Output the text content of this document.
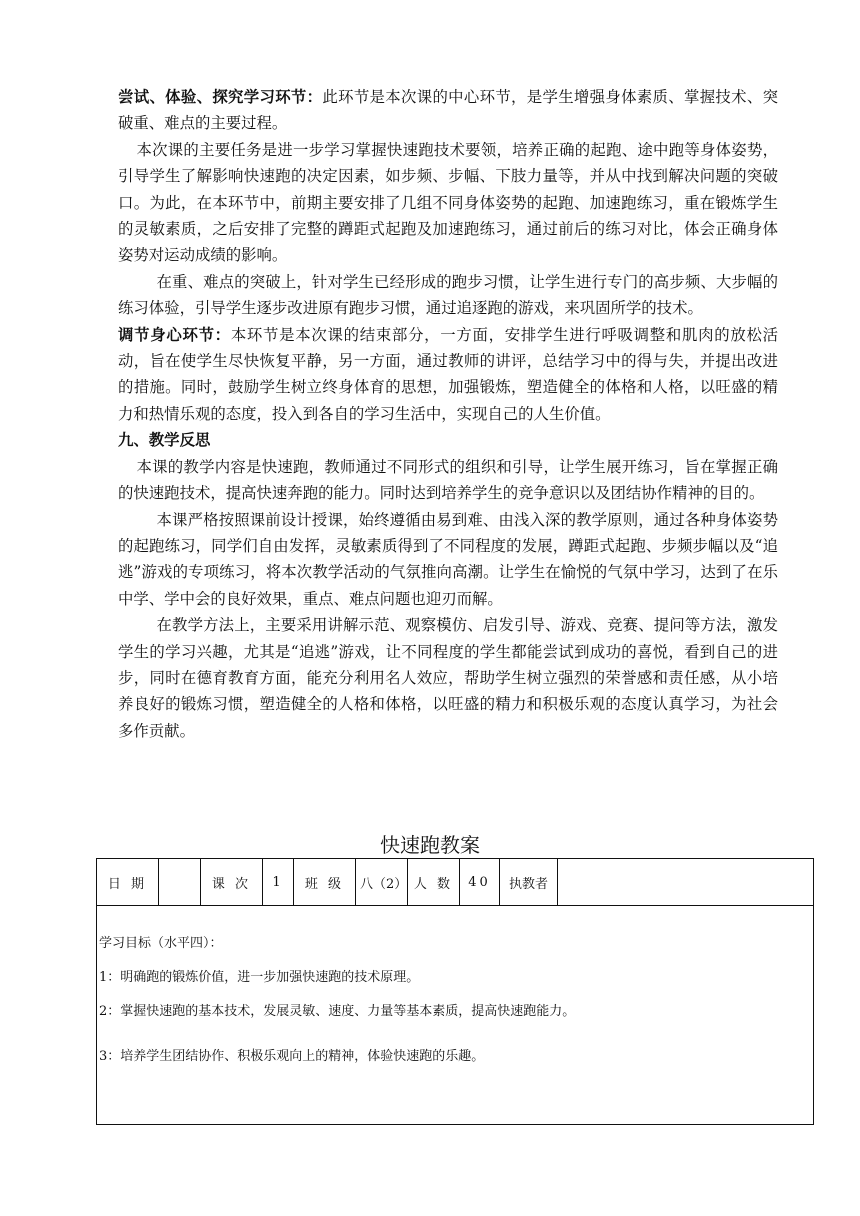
尝试、体验、探究学习环节：此环节是本次课的中心环节，是学生增强身体素质、掌握技术、突破重、难点的主要过程。

本次课的主要任务是进一步学习掌握快速跑技术要领，培养正确的起跑、途中跑等身体姿势，引导学生了解影响快速跑的决定因素，如步频、步幅、下肢力量等，并从中找到解决问题的突破口。为此，在本环节中，前期主要安排了几组不同身体姿势的起跑、加速跑练习，重在锻炼学生的灵敏素质，之后安排了完整的蹲距式起跑及加速跑练习，通过前后的练习对比，体会正确身体姿势对运动成绩的影响。

在重、难点的突破上，针对学生已经形成的跑步习惯，让学生进行专门的高步频、大步幅的练习体验，引导学生逐步改进原有跑步习惯，通过追逐跑的游戏，来巩固所学的技术。

调节身心环节：本环节是本次课的结束部分，一方面，安排学生进行呼吸调整和肌肉的放松活动，旨在使学生尽快恢复平静，另一方面，通过教师的讲评，总结学习中的得与失，并提出改进的措施。同时，鼓励学生树立终身体育的思想，加强锻炼，塑造健全的体格和人格，以旺盛的精力和热情乐观的态度，投入到各自的学习生活中，实现自己的人生价值。

九、教学反思

本课的教学内容是快速跑，教师通过不同形式的组织和引导，让学生展开练习，旨在掌握正确的快速跑技术，提高快速奔跑的能力。同时达到培养学生的竞争意识以及团结协作精神的目的。

本课严格按照课前设计授课，始终遵循由易到难、由浅入深的教学原则，通过各种身体姿势的起跑练习，同学们自由发挥，灵敏素质得到了不同程度的发展，蹲距式起跑、步频步幅以及“追逃”游戏的专项练习，将本次教学活动的气氛推向高潮。让学生在愉悦的气氛中学习，达到了在乐中学、学中会的良好效果，重点、难点问题也迎刃而解。

在教学方法上，主要采用讲解示范、观察模仿、启发引导、游戏、竞赛、提问等方法，激发学生的学习兴趣，尤其是“追逃”游戏，让不同程度的学生都能尝试到成功的喜悦，看到自己的进步，同时在德育教育方面，能充分利用名人效应，帮助学生树立强烈的荣誉感和责任感，从小培养良好的锻炼习惯，塑造健全的人格和体格，以旺盛的精力和积极乐观的态度认真学习，为社会多作贡献。

快速跑教案
日 期		课 次	1	班 级	八（2）	人 数	40	执教者	

学习目标（水平四）：
1：明确跑的锻炼价值，进一步加强快速跑的技术原理。
2：掌握快速跑的基本技术，发展灵敏、速度、力量等基本素质，提高快速跑能力。
3：培养学生团结协作、积极乐观向上的精神，体验快速跑的乐趣。
